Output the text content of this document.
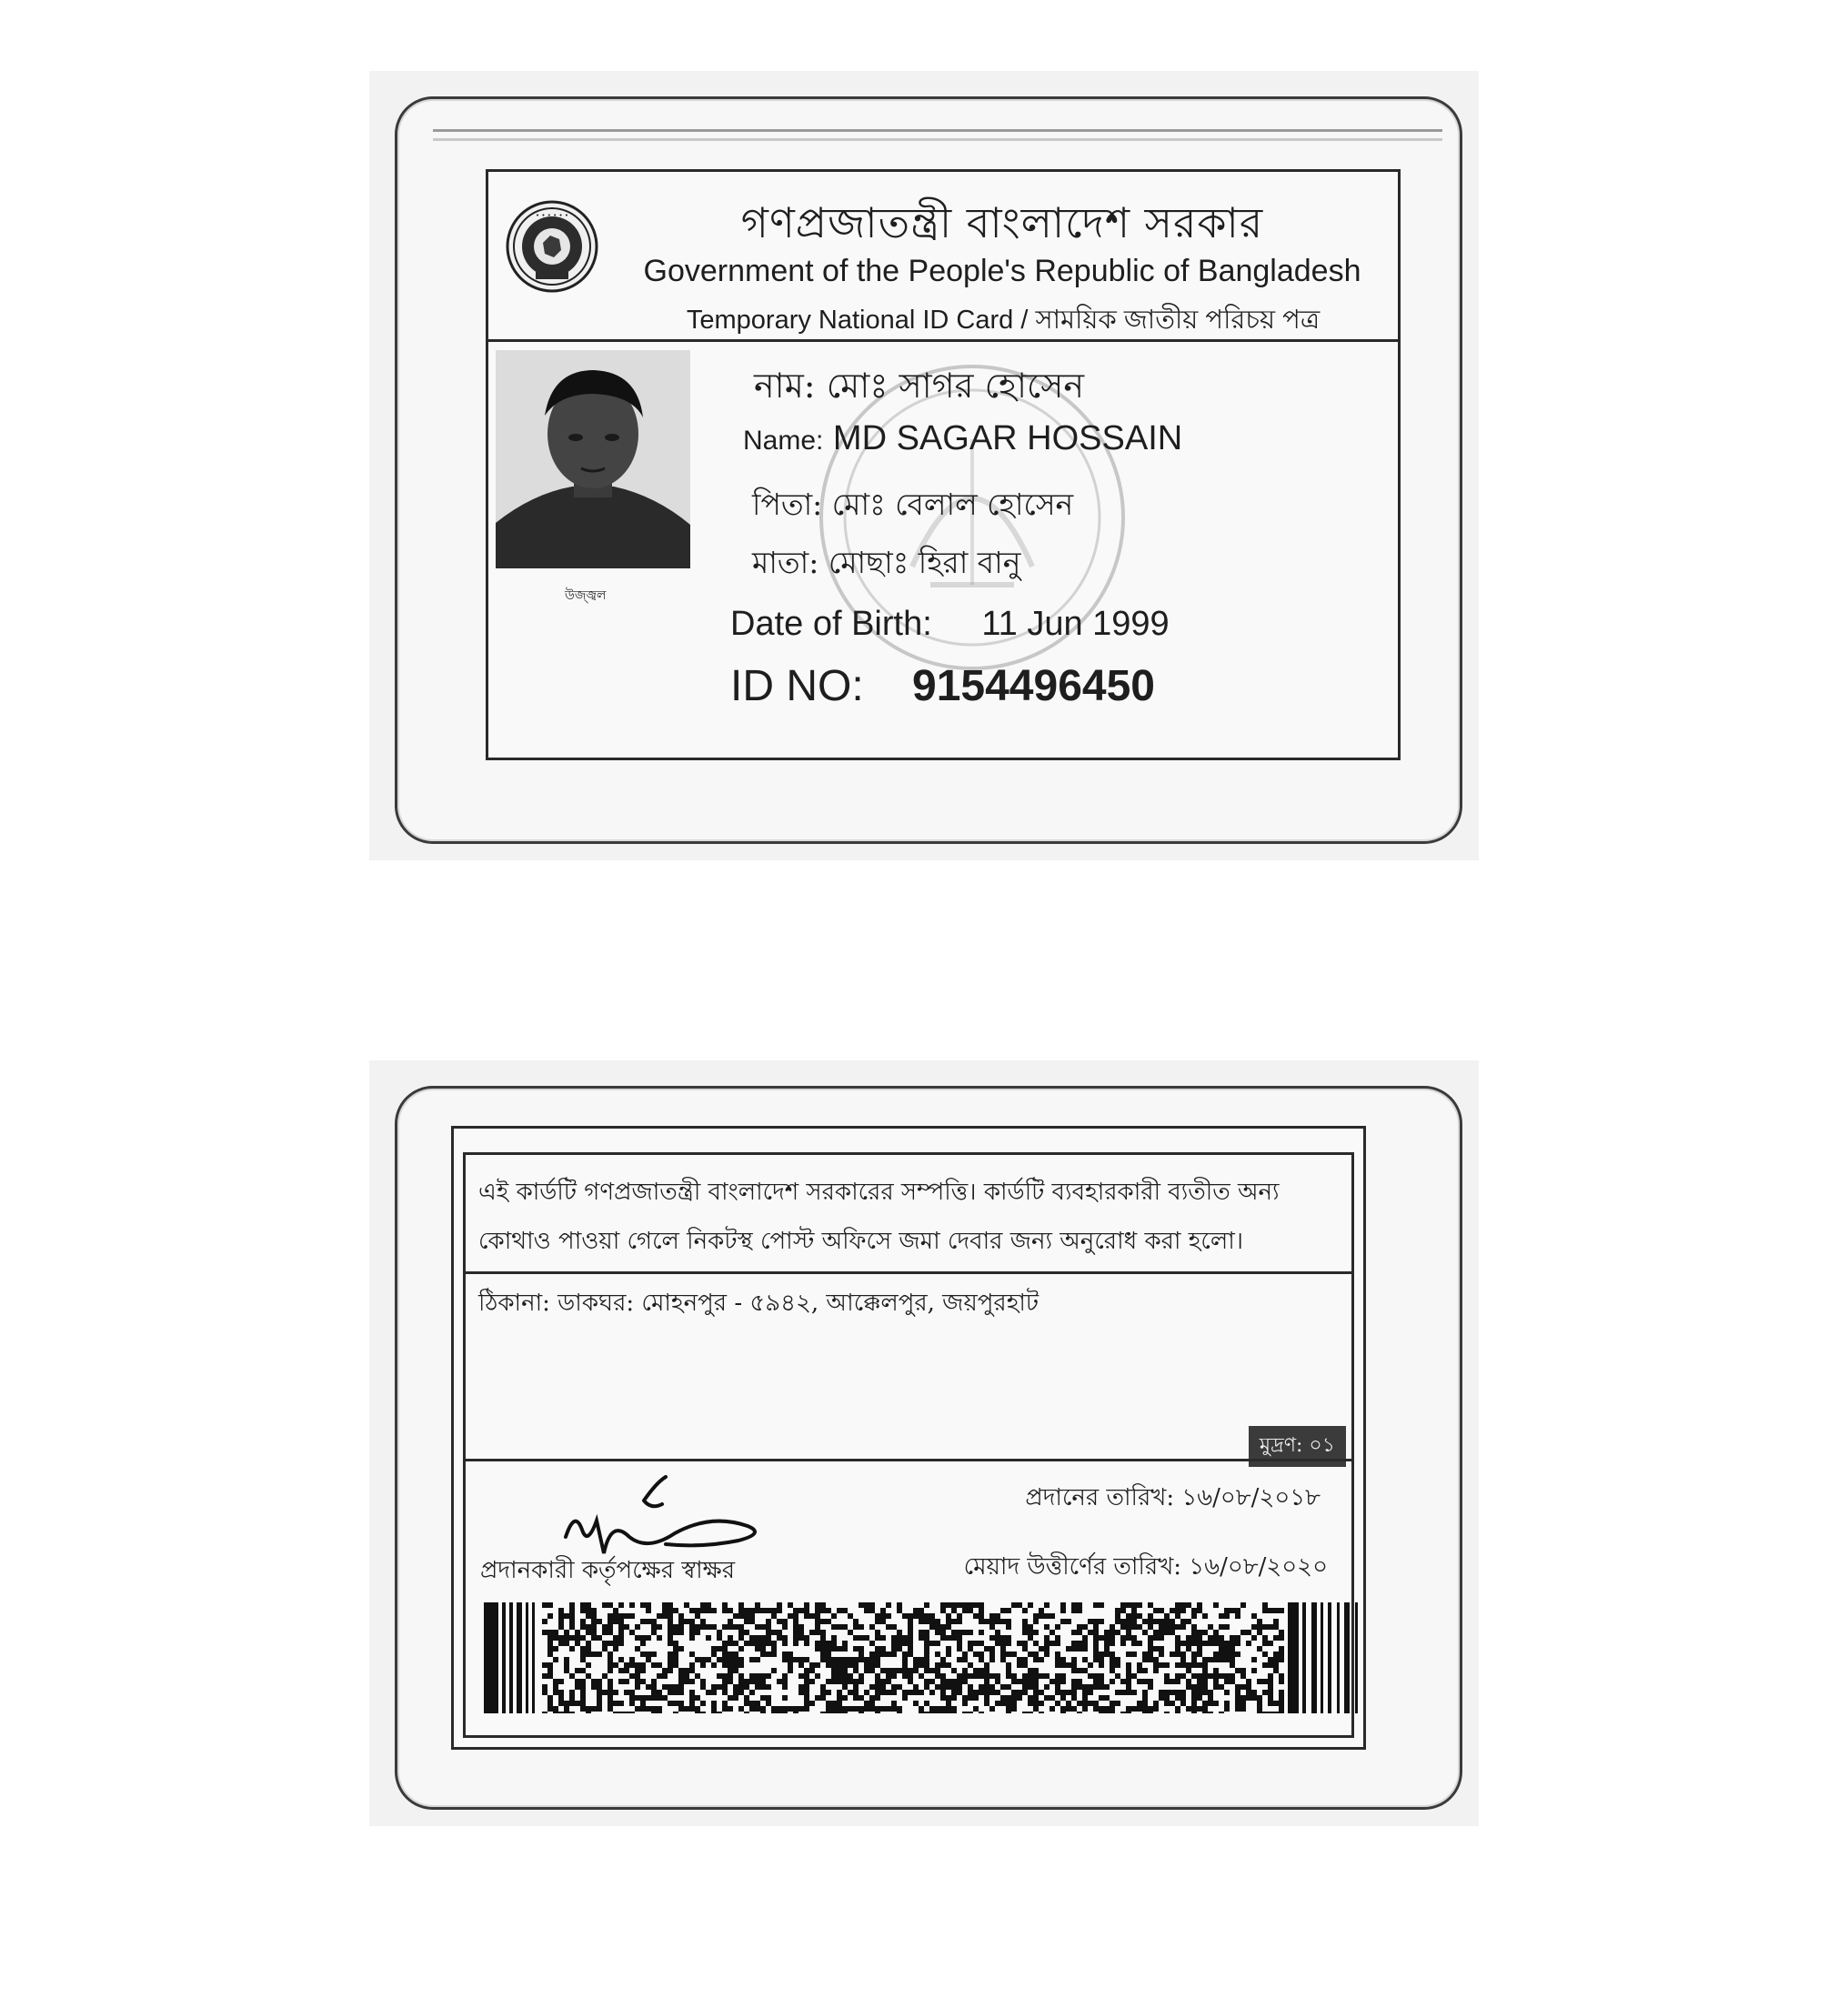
• • • • • •	গণপ্রজাতন্ত্রী বাংলাদেশ সরকার
Government of the People's Republic of Bangladesh
Temporary National ID Card / সাময়িক জাতীয় পরিচয় পত্র
উজ্জ্বল
নাম: মোঃ সাগর হোসেন
Name: MD SAGAR HOSSAIN
পিতা: মোঃ বেলাল হোসেন
মাতা: মোছাঃ হিরা বানু
Date of Birth: 11 Jun 1999
ID NO: 9154496450
এই কার্ডটি গণপ্রজাতন্ত্রী বাংলাদেশ সরকারের সম্পত্তি। কার্ডটি ব্যবহারকারী ব্যতীত অন্য
কোথাও পাওয়া গেলে নিকটস্থ পোস্ট অফিসে জমা দেবার জন্য অনুরোধ করা হলো।
ঠিকানা: ডাকঘর: মোহনপুর - ৫৯৪২, আক্কেলপুর, জয়পুরহাট
মুদ্রণ: ০১
প্রদানের তারিখ: ১৬/০৮/২০১৮
মেয়াদ উত্তীর্ণের তারিখ: ১৬/০৮/২০২০
প্রদানকারী কর্তৃপক্ষের স্বাক্ষর
